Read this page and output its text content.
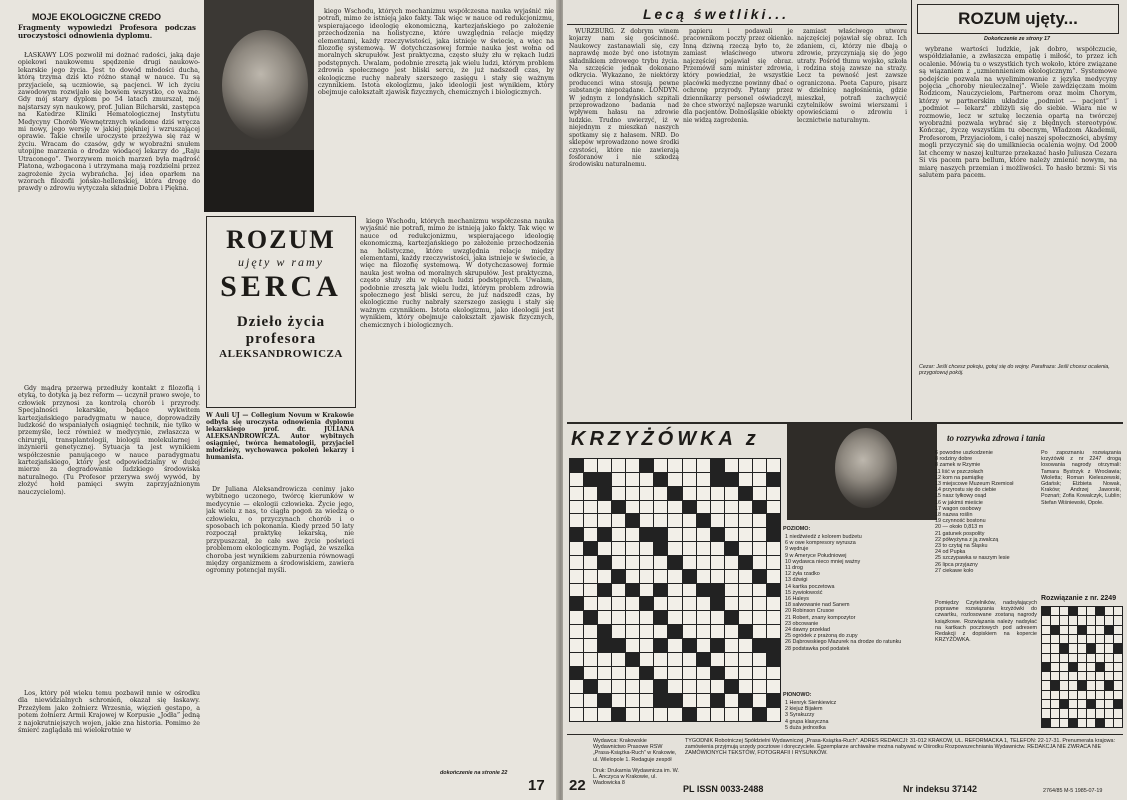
MOJE EKOLOGICZNE CREDO
Fragmenty wypowiedzi Profesora podczas uroczystości odnowienia dyplomu.

ŁASKAWY LOS pozwolił mi dożnać radości, jaką daje opiekowi naukowemu spędzenie drugi naukowo-lekarskie jego życia. Jest to dowód młodości ducha, którą trzyma dziś kto różno stanął w nauce. Tu są przyjaciele, są uczniowie, są pacjenci. W ich życiu zawodowym rozwijało się bowiem wszystko, co ważne. Gdy mój stary dyplom po 54 latach zmurszał, mój najstarszy syn naukowy, prof. Julian Bilcharski, zastępca na Katedrze Kliniki Hematologicznej Instytutu Medycyny Chorób Wewnętrznych wiadome dziś wręcza mi nowy, jego wersję w jakiej piękniej i wzruszającej oprawie. Takie chwile uroczyste przeżywa się raz w życiu. Wracam do czasów, gdy w wyobraźni snułem utopijne marzenia o drodze wiodącej lekarzy do „Raju Utraconego”. Tworzywem moich marzeń była mądrość Platona, wzbogacona i utrzymana mają rozdzielni przez zagrożenie życia wybrańcha. Jej idea oparłem na wzorach filozofii jońsko-hellenskiej, która drogę do prawdy o zdrowiu wytyczała składnie Dobra i Piękna.

Gdy mądrą przerwą przedłuży kontakt z filozofią i etyką, to dotyka ją bez reform — uczynił prawo swoje, to człowiek przynosi za kontrolą chorób i przyrody. Specjalności lekarskie, będące wykwitem kartezjańskiego paradygmatu w nauce, doprowadziły ludzkość do wspaniałych osiągnięć technik, nie tylko w przemyśle, lecz również w medycynie, zwłaszcza w chirurgii, transplantologii, biologii molekularnej i inżynierii genetycznej. Sytuacja ta jest wynikiem współczesnie panującego w nauce paradygmatu kartezjańskiego, który jest odpowiedzialny w dużej mierze za degradowanie ludzkiego środowiska naturalnego. (Tu Profesor przerywa swój wywód, by złożyć hołd pamięci swym zaprzyjaźnionym nauczycielom).

Los, który pół wieku temu pozbawił mnie w ośrodku dla niewidzialnych schronień, okazał się łaskawy. Przeżyłem jako żołnierz Wrzesnia, więzień gestapo, a potem żołnierz Armii Krajowej w Korpusie „Jodła” jedną z najokrutniejszych wojen, jakie zna historia. Pomimo że śmierć zaglądała mi wielokrotnie w

ROZUM
ujęty w ramy
SERCA
Dzieło życia
profesora
ALEKSANDROWICZA
W Auli UJ — Collegium Novum w Krakowie odbyła się uroczysta odnowienia dyplomu lekarskiego prof. dr. JULIANA ALEKSANDROWICZA. Autor wybitnych osiągnięć, twórca hematologii, przyjaciel młodzieży, wychowawca pokoleń lekarzy i humanista.

Dr Juliana Aleksandrowicza cenimy jako wybitnego uczonego, twórcę kierunków w medycynie — ekologii człowieka. Życie jego, jak wielu z nas, to ciągła pogoń za wiedzą o człowieku, o przyczynach chorób i o sposobach ich pokonania. Kiedy przed 50 laty rozpoczął praktykę lekarską, nie przypuszczał, że całe swe życie poświęci problemom ekologicznym. Pogląd, że wszelka choroba jest wynikiem zaburzenia równowagi między organizmem a środowiskiem, zawiera ogromny potencjał myśli.

kiego Wschodu, których mechanizmu współczesna nauka wyjaśnić nie potrafi, mimo że istnieją jako fakty. Tak więc w nauce od redukcjonizmu, wspierającego ideologię ekonomiczną, kartezjańskiego po założenie przechodzenia na holistyczne, które uwzględnia relacje między elementami, każdy rzeczywistości, jaka istnieje w świecie, a więc na filozofię systemową. W dotychczasowej formie nauka jest wołna od moralnych skrupułów. Jest praktyczna, często służy złu w rękach ludzi podstępnych. Uwalam, podobnie zresztą jak wielu ludzi, którym problem zdrowia społecznego jest bliski sercu, że już nadszedł czas, by ekologiczne ruchy nabrały szerszego zasięgu i stały się ważnym czynnikiem. Istota ekologizmu, jako ideologii jest wynikiem, który obejmuje całokształt zjawisk fizycznych, chemicznych i biologicznych.

kiego Wschodu, których mechanizmu współczesna nauka wyjaśnić nie potrafi, mimo że istnieją jako fakty. Tak więc w nauce od redukcjonizmu, wspierającego ideologię ekonomiczną, kartezjańskiego po założenie przechodzenia na holistyczne, które uwzględnia relacje między elementami, każdy rzeczywistości, jaka istnieje w świecie, a więc na filozofię systemową. W dotychczasowej formie nauka jest wołna od moralnych skrupułów. Jest praktyczna, często służy złu w rękach ludzi podstępnych. Uwalam, podobnie zresztą jak wielu ludzi, którym problem zdrowia społecznego jest bliski sercu, że już nadszedł czas, by ekologiczne ruchy nabrały szerszego zasięgu i stały się ważnym czynnikiem. Istota ekologizmu, jako ideologii jest wynikiem, który obejmuje całokształt zjawisk fizycznych, chemicznych i biologicznych.

dokończenie na stronie 22
17
Lecą śwetliki...

WÜRZBURG. Z dobrym winem kojarzy nam się gościnność. Naukowcy zastanawiali się, czy naprawdę może być ono istotnym składnikiem zdrowego trybu życia. Na szczęście jednak dokonano odkrycia. Wykazano, że niektórzy producenci wina stosują pewne substancje niepożądane. LONDYN. W jednym z londyńskich szpitali przeprowadzono badania nad wpływem hałasu na zdrowie ludzkie. Trudno uwierzyć, iż w niejednym z mieszkań naszych spotkamy się z hałasem. NRD. Do sklepów wprowadzono nowe środki czystości, które nie zawierają fosforanów i nie szkodzą środowisku naturalnemu.

papieru i podawali je pracownikom poczty przez okienko. Inną dziwną rzeczą było to, że zamiast właściwego utworu najczęściej pojawiał się obraz. Przemówił sam minister zdrowia, który powiedział, że wszystkie placówki medyczne powinny dbać o ochronę przyrody. Pytany przez dziennikarzy personel oświadczył, że chce stworzyć najlepsze warunki dla pacjentów. Dolnośląskie obiekty nie widzą zagrożenia.

zamiast właściwego utworu najczęściej pojawiał się obraz. Ich zdaniem, ci, którzy nie dbają o zdrowie, przyczyniają się do jego utraty. Pośród tłumu wojsko, szkoła i rodzina stoją zawsze na straży. Lecz ta pewność jest zawsze ograniczona. Poeta Capuro, pisarz w dzielnicę nagłośnienia, gdzie mieszkał, potrafi zachwycić czytelników swoimi wierszami i opowieściami o zdrowiu i lecznictwie naturalnym.

ROZUM ujęty...
Dokończenie ze strony 17

wybrane wartości ludzkie, jak dobro, współczucie, współdziałanie, a zwłaszcza empatię i miłość, to przez ich ocalenie. Mówią tu o wszystkich tych wokoło, które związane są wiązaniem z „uzmiennieniem ekologicznym”. Systemowe podejście pozwala na wyeliminowanie z języka medycyny pojęcia „choroby nieuleczalnej”. Wiele zawdzięczam moim Rodzicom, Nauczycielom, Partnerom oraz moim Chorym, którzy w partnerskim układzie „podmiot — pacjent” i „podmiot — lekarz” zbliżyli się do siebie. Wiara nie w rozmowie, lecz w sztukę leczenia opartą na twórczej wyobraźni pozwala wybrać się z błędnych stereotypów. Kończąc, życzę wszystkim tu obecnym, Władzom Akademii, Profesorom, Przyjaciołom, i całej naszej społeczności, abyśmy mogli przyczynić się do umilkniecia ocalenia wojny. Od 2000 lat chcemy w naszej kulturze przekazać hasło Juliusza Cezara Si vis pacem para bellum, które należy zmienić nowym, na miarę naszych przemian i możliwości. To hasło brzmi: Si vis salutem para pacem.

Cezar: Jeśli chcesz pokoju, gotuj się do wojny. Parafraza: Jeśli chcesz ocalenia, przygotowuj pokój.
KRZYŻÓWKA z	to rozrywka zdrowa i tania
POZIOMO:
1 niedźwiedź z kolorem budżetu
6 w owe kompresory wyrusza
9 wędruje
9 w Ameryce Południowej
10 wydawca nieco mniej ważny
11 drog
12 żyła rzadko
13 dźwigi
14 kartka poczetowa
15 żywiołowość
16 Haleys
18 salwowanie nad Sanem
20 Robinson Crusoe
21 Robert, znany kompozytor
23 obcowanie
24 dawny przekład
25 ogródek z prażoną do zupy
26 Dąbrowskiego Mazurek na drodze do ratunku
28 podstawka pod podatek
PIONOWO:
1 Henryk Sienkiewicz
2 kiejuż Bijałem
3 Syrakuzzy
4 grupa klasyczna
5 duża jednostka
6 powodne uszkodzenie
8 rodziny dobre
8 zamek w Rzymie
11 liść w pszczołach
12 kom na pamiątkę
13 miejscowe Muzeum Rzemiosł
14 przyrostu się do ciebie
15 nasz tyłkowy osąd
16 w jakimś mieście
17 wagon osobowy
18 nazwa roślin
19 czynność bostonu
20 — około 0,813 m
21 gatunek pospolity
22 półwyżyna z ją zwalczą
23 to czytaj na Śląsku
24 od Pupka
25 szczypawka w naszym lesie
26 lipca przyjazny
27 ciekawe koło
Po zapoznaniu rozwiązania krzyżówki z nr 2247 drogą losowania nagrody otrzymali: Tamara Bystrzyk z Wrocławia; Wioletta; Roman Kieleszewski, Gdańsk; Elżbieta Nowak, Kraków; Andrzej Jaworski, Poznań; Zofia Kowalczyk, Lublin; Stefan Wiśniewski, Opole.
Rozwiązanie z nr. 2249
Pomiędzy Czytelników, nadsyłających poprawne rozwiązania krzyżówki do czwartku, rozlosowane zostaną nagrody książkowe. Rozwiązania należy nadsyłać na kartkach pocztowych pod adresem Redakcji z dopiskiem na kopercie KRZYŻÓWKA.
Wydawca: Krakowskie Wydawnictwo Prasowe RSW „Prasa-Książka-Ruch” w Krakowie, ul. Wielopole 1. Redaguje zespół
Druk: Drukarnia Wydawnicza im. W. L. Anczyca w Krakowie, ul. Wadowicka 8
TYGODNIK Robotniczej Spółdzielni Wydawniczej „Prasa-Książka-Ruch”. ADRES REDAKCJI: 31-012 KRAKÓW, UL. REFORMACKA 1, TELEFON: 22-17-31. Prenumerata krajowa: zamówienia przyjmują urzędy pocztowe i doręczyciele. Egzemplarze archiwalne można nabywać w Ośrodku Rozpowszechniania Wydawnictw. REDAKCJA NIE ZWRACA NIE ZAMÓWIONYCH TEKSTÓW, FOTOGRAFII I RYSUNKÓW.
22	PL ISSN 0033-2488	Nr indeksu 37142	2764/85 M-5 1985-07-19
